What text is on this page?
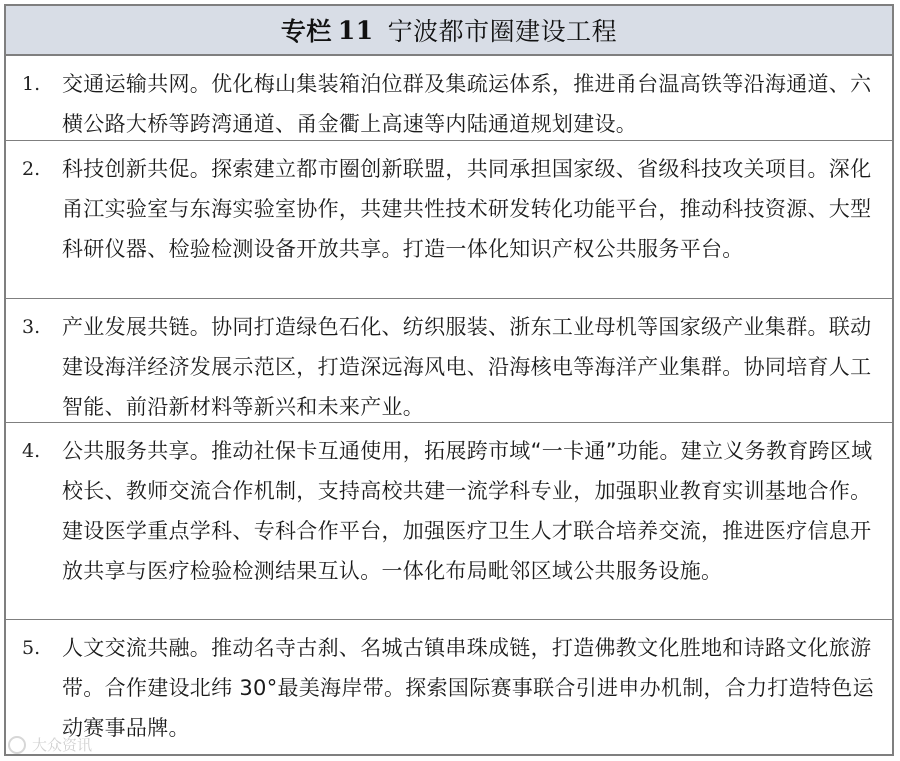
专栏 11 宁波都市圈建设工程
1.	交通运输共网。优化梅山集装箱泊位群及集疏运体系，推进甬台温高铁等沿海通道、六横公路大桥等跨湾通道、甬金衢上高速等内陆通道规划建设。
2.	科技创新共促。探索建立都市圈创新联盟，共同承担国家级、省级科技攻关项目。深化甬江实验室与东海实验室协作，共建共性技术研发转化功能平台，推动科技资源、大型科研仪器、检验检测设备开放共享。打造一体化知识产权公共服务平台。
3.	产业发展共链。协同打造绿色石化、纺织服装、浙东工业母机等国家级产业集群。联动建设海洋经济发展示范区，打造深远海风电、沿海核电等海洋产业集群。协同培育人工智能、前沿新材料等新兴和未来产业。
4.	公共服务共享。推动社保卡互通使用，拓展跨市域“一卡通”功能。建立义务教育跨区域校长、教师交流合作机制，支持高校共建一流学科专业，加强职业教育实训基地合作。建设医学重点学科、专科合作平台，加强医疗卫生人才联合培养交流，推进医疗信息开放共享与医疗检验检测结果互认。一体化布局毗邻区域公共服务设施。
5.	人文交流共融。推动名寺古刹、名城古镇串珠成链，打造佛教文化胜地和诗路文化旅游带。合作建设北纬 30°最美海岸带。探索国际赛事联合引进申办机制，合力打造特色运动赛事品牌。
大众资讯
